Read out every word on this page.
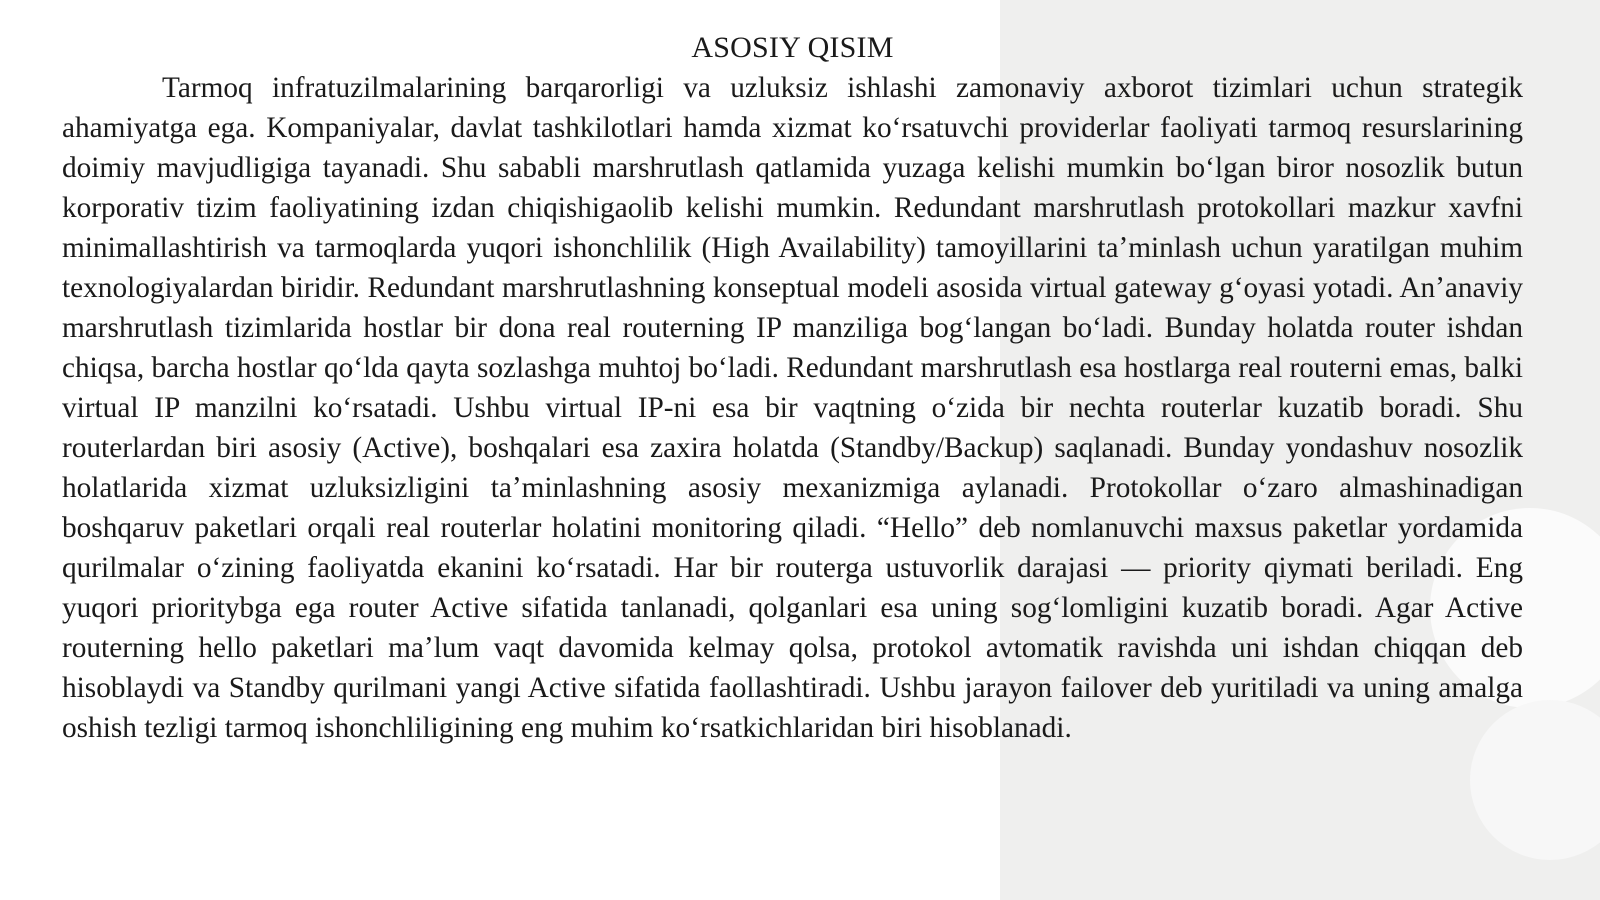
ASOSIY QISIM

Tarmoq infratuzilmalarining barqarorligi va uzluksiz ishlashi zamonaviy axborot tizimlari uchun strategik ahamiyatga ega. Kompaniyalar, davlat tashkilotlari hamda xizmat koʻrsatuvchi providerlar faoliyati tarmoq resurslarining doimiy mavjudligiga tayanadi. Shu sababli marshrutlash qatlamida yuzaga kelishi mumkin boʻlgan biror nosozlik butun korporativ tizim faoliyatining izdan chiqishigaolib kelishi mumkin. Redundant marshrutlash protokollari mazkur xavfni minimallashtirish va tarmoqlarda yuqori ishonchlilik (High Availability) tamoyillarini taʼminlash uchun yaratilgan muhim texnologiyalardan biridir. Redundant marshrutlashning konseptual modeli asosida virtual gateway gʻoyasi yotadi. Anʼanaviy marshrutlash tizimlarida hostlar bir dona real routerning IP manziliga bogʻlangan boʻladi. Bunday holatda router ishdan chiqsa, barcha hostlar qoʻlda qayta sozlashga muhtoj boʻladi. Redundant marshrutlash esa hostlarga real routerni emas, balki virtual IP manzilni koʻrsatadi. Ushbu virtual IP-ni esa bir vaqtning oʻzida bir nechta routerlar kuzatib boradi. Shu routerlardan biri asosiy (Active), boshqalari esa zaxira holatda (Standby/Backup) saqlanadi. Bunday yondashuv nosozlik holatlarida xizmat uzluksizligini taʼminlashning asosiy mexanizmiga aylanadi. Protokollar oʻzaro almashinadigan boshqaruv paketlari orqali real routerlar holatini monitoring qiladi. “Hello” deb nomlanuvchi maxsus paketlar yordamida qurilmalar oʻzining faoliyatda ekanini koʻrsatadi. Har bir routerga ustuvorlik darajasi — priority qiymati beriladi. Eng yuqori prioritybga ega router Active sifatida tanlanadi, qolganlari esa uning sogʻlomligini kuzatib boradi. Agar Active routerning hello paketlari maʼlum vaqt davomida kelmay qolsa, protokol avtomatik ravishda uni ishdan chiqqan deb hisoblaydi va Standby qurilmani yangi Active sifatida faollashtiradi. Ushbu jarayon failover deb yuritiladi va uning amalga oshish tezligi tarmoq ishonchliligining eng muhim koʻrsatkichlaridan biri hisoblanadi.
